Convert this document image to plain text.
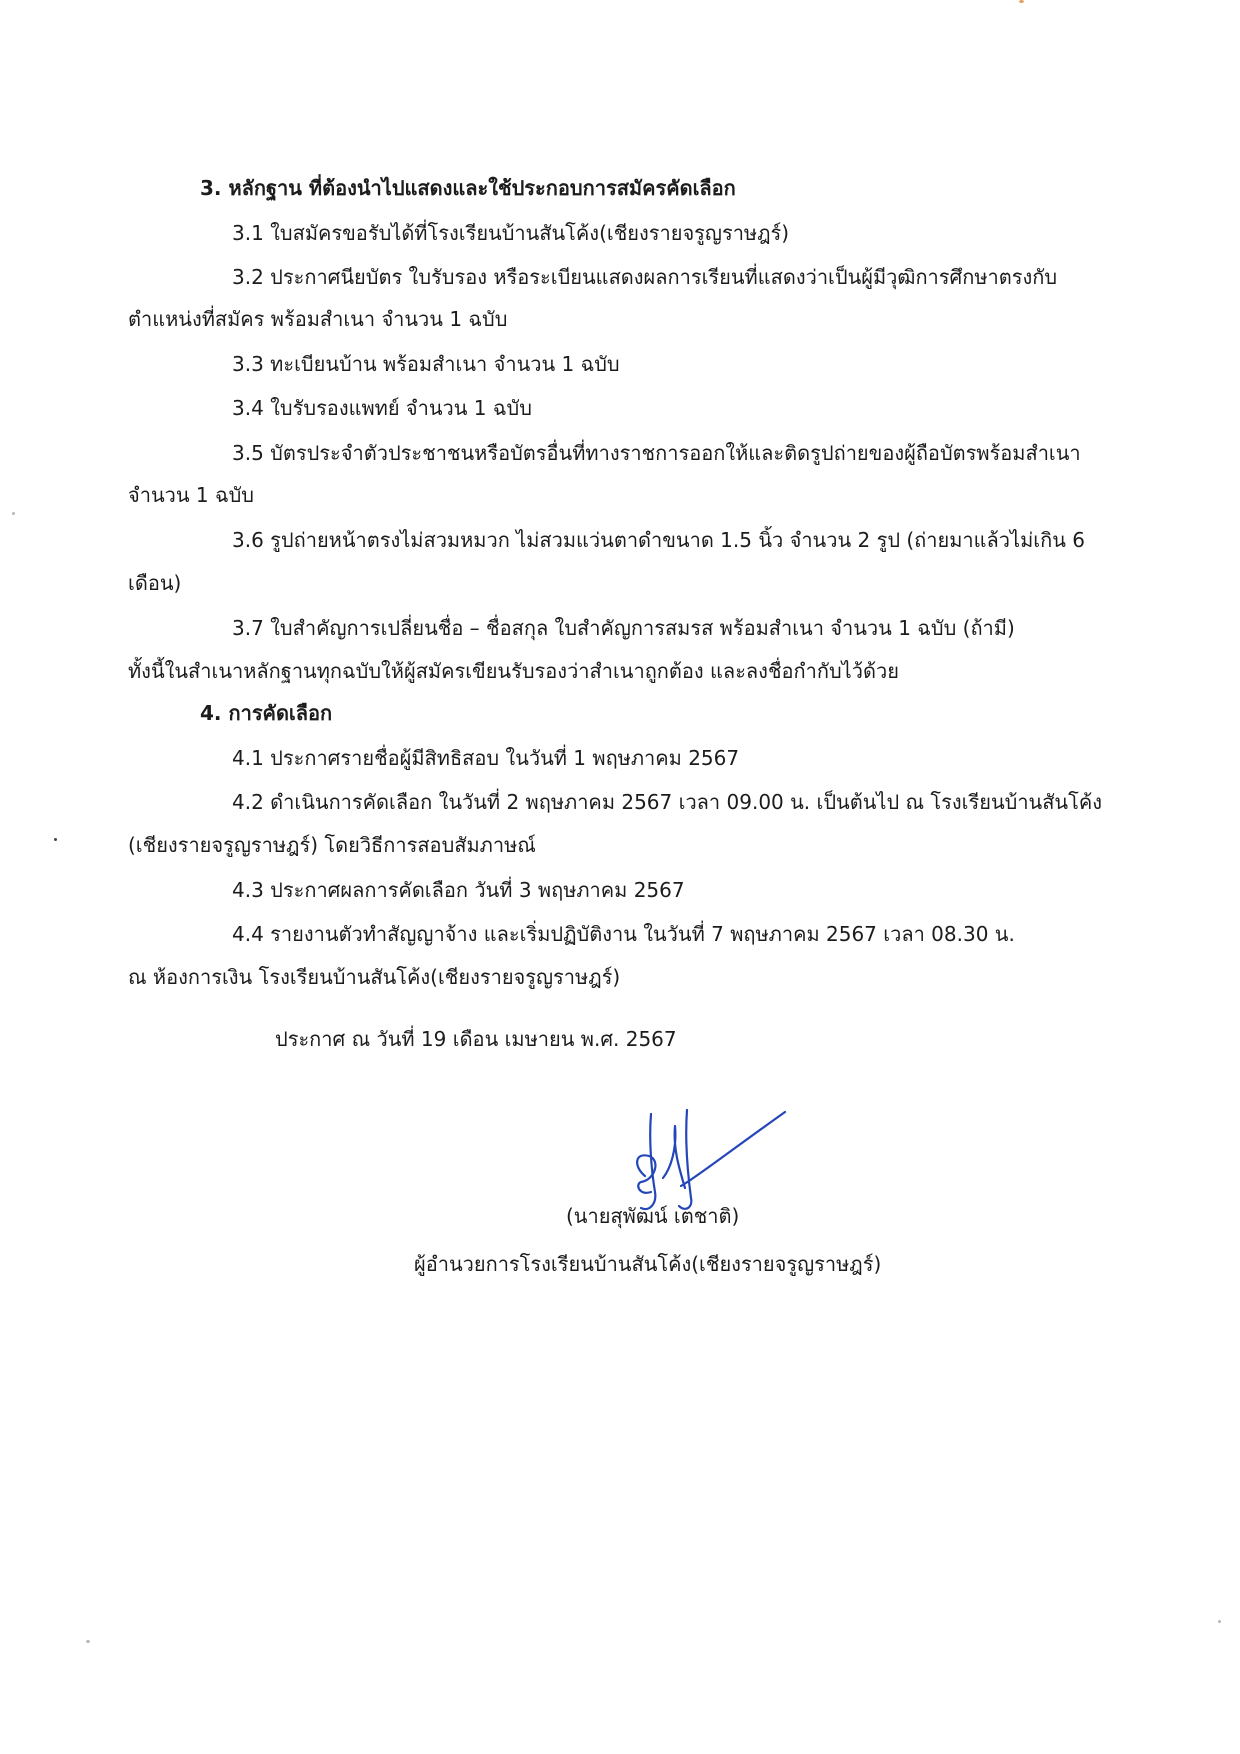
3. หลักฐาน ที่ต้องนำไปแสดงและใช้ประกอบการสมัครคัดเลือก
3.1 ใบสมัครขอรับได้ที่โรงเรียนบ้านสันโค้ง(เชียงรายจรูญราษฎร์)
3.2 ประกาศนียบัตร ใบรับรอง หรือระเบียนแสดงผลการเรียนที่แสดงว่าเป็นผู้มีวุฒิการศึกษาตรงกับ
ตำแหน่งที่สมัคร พร้อมสำเนา จำนวน 1 ฉบับ
3.3 ทะเบียนบ้าน พร้อมสำเนา จำนวน 1 ฉบับ
3.4 ใบรับรองแพทย์ จำนวน 1 ฉบับ
3.5 บัตรประจำตัวประชาชนหรือบัตรอื่นที่ทางราชการออกให้และติดรูปถ่ายของผู้ถือบัตรพร้อมสำเนา
จำนวน 1 ฉบับ
3.6 รูปถ่ายหน้าตรงไม่สวมหมวก ไม่สวมแว่นตาดำขนาด 1.5 นิ้ว จำนวน 2 รูป (ถ่ายมาแล้วไม่เกิน 6
เดือน)
3.7 ใบสำคัญการเปลี่ยนชื่อ – ชื่อสกุล ใบสำคัญการสมรส พร้อมสำเนา จำนวน 1 ฉบับ (ถ้ามี)
ทั้งนี้ในสำเนาหลักฐานทุกฉบับให้ผู้สมัครเขียนรับรองว่าสำเนาถูกต้อง และลงชื่อกำกับไว้ด้วย
4. การคัดเลือก
4.1 ประกาศรายชื่อผู้มีสิทธิสอบ ในวันที่ 1 พฤษภาคม 2567
4.2 ดำเนินการคัดเลือก ในวันที่ 2 พฤษภาคม 2567 เวลา 09.00 น. เป็นต้นไป ณ โรงเรียนบ้านสันโค้ง
(เชียงรายจรูญราษฎร์) โดยวิธีการสอบสัมภาษณ์
4.3 ประกาศผลการคัดเลือก วันที่ 3 พฤษภาคม 2567
4.4 รายงานตัวทำสัญญาจ้าง และเริ่มปฏิบัติงาน ในวันที่ 7 พฤษภาคม 2567 เวลา 08.30 น.
ณ ห้องการเงิน โรงเรียนบ้านสันโค้ง(เชียงรายจรูญราษฎร์)
ประกาศ ณ วันที่ 19 เดือน เมษายน พ.ศ. 2567
(นายสุพัฒน์ เตชาติ)
ผู้อำนวยการโรงเรียนบ้านสันโค้ง(เชียงรายจรูญราษฎร์)
